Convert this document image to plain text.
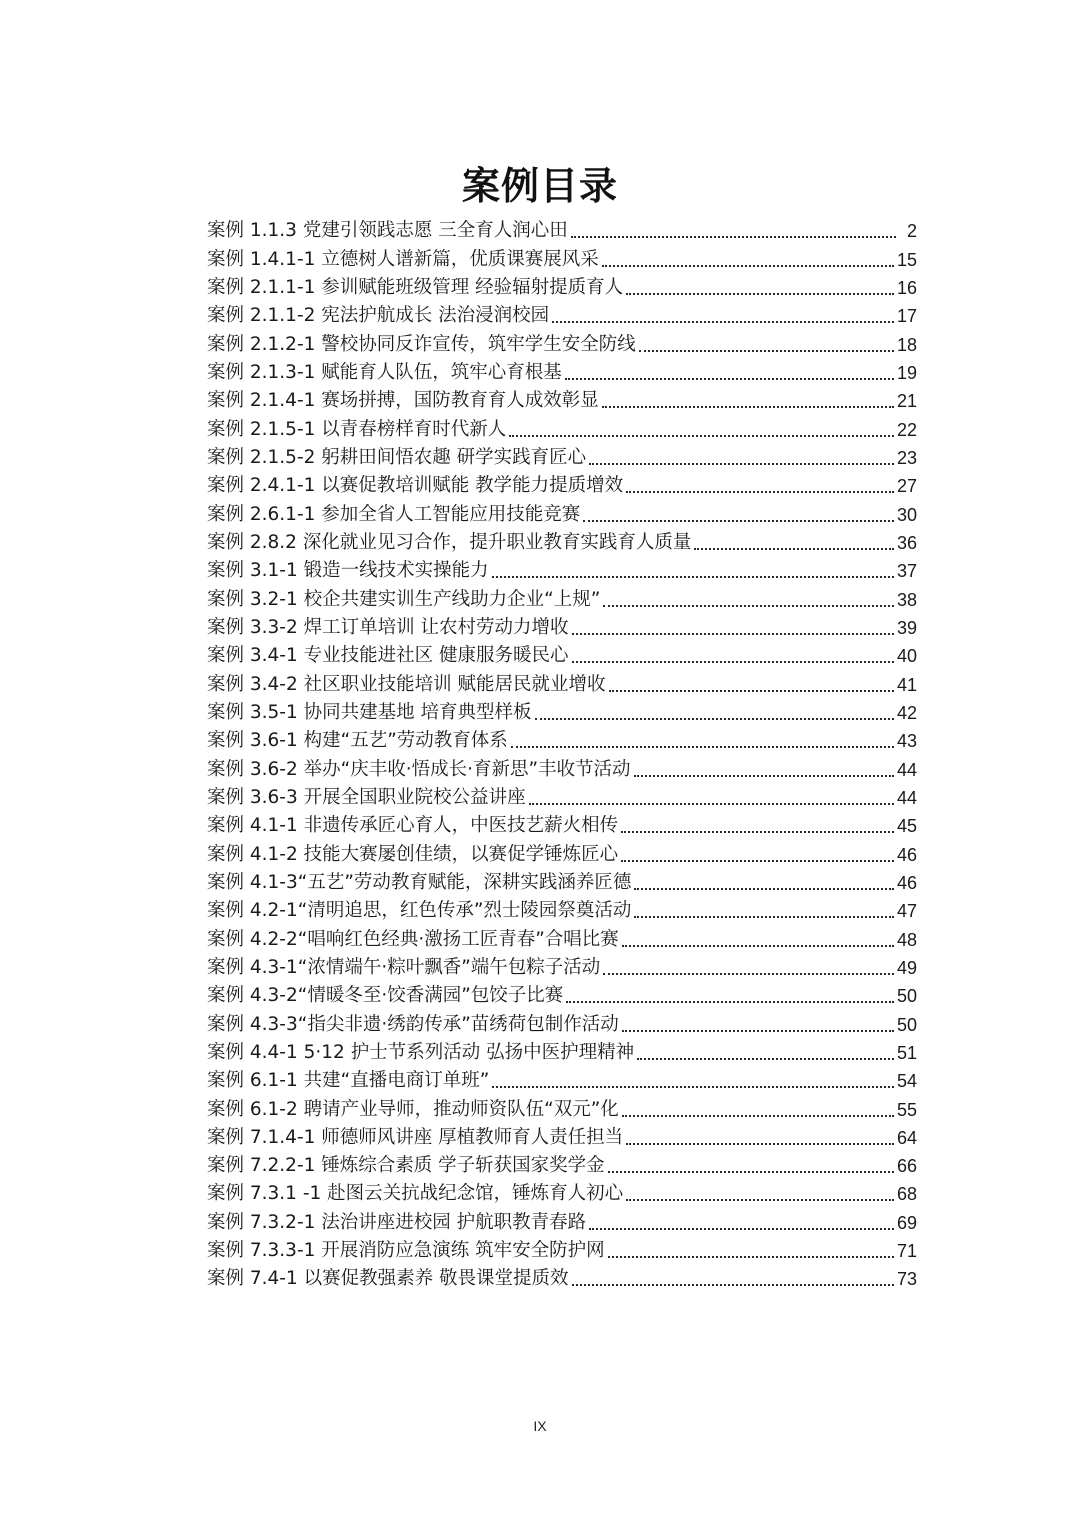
案例目录
案例 1.1.3 党建引领践志愿 三全育人润心田	2
案例 1.4.1-1 立德树人谱新篇，优质课赛展风采	15
案例 2.1.1-1 参训赋能班级管理 经验辐射提质育人	16
案例 2.1.1-2 宪法护航成长 法治浸润校园	17
案例 2.1.2-1 警校协同反诈宣传，筑牢学生安全防线	18
案例 2.1.3-1 赋能育人队伍，筑牢心育根基	19
案例 2.1.4-1 赛场拼搏，国防教育育人成效彰显	21
案例 2.1.5-1 以青春榜样育时代新人	22
案例 2.1.5-2 躬耕田间悟农趣 研学实践育匠心	23
案例 2.4.1-1 以赛促教培训赋能 教学能力提质增效	27
案例 2.6.1-1 参加全省人工智能应用技能竞赛	30
案例 2.8.2 深化就业见习合作，提升职业教育实践育人质量	36
案例 3.1-1 锻造一线技术实操能力	37
案例 3.2-1 校企共建实训生产线助力企业“上规”	38
案例 3.3-2 焊工订单培训 让农村劳动力增收	39
案例 3.4-1 专业技能进社区 健康服务暖民心	40
案例 3.4-2 社区职业技能培训 赋能居民就业增收	41
案例 3.5-1 协同共建基地 培育典型样板	42
案例 3.6-1 构建“五艺”劳动教育体系	43
案例 3.6-2 举办“庆丰收·悟成长·育新思”丰收节活动	44
案例 3.6-3 开展全国职业院校公益讲座	44
案例 4.1-1 非遗传承匠心育人，中医技艺薪火相传	45
案例 4.1-2 技能大赛屡创佳绩，以赛促学锤炼匠心	46
案例 4.1-3“五艺”劳动教育赋能，深耕实践涵养匠德	46
案例 4.2-1“清明追思，红色传承”烈士陵园祭奠活动	47
案例 4.2-2“唱响红色经典·激扬工匠青春”合唱比赛	48
案例 4.3-1“浓情端午·粽叶飘香”端午包粽子活动	49
案例 4.3-2“情暖冬至·饺香满园”包饺子比赛	50
案例 4.3-3“指尖非遗·绣韵传承”苗绣荷包制作活动	50
案例 4.4-1 5·12 护士节系列活动 弘扬中医护理精神	51
案例 6.1-1 共建“直播电商订单班”	54
案例 6.1-2 聘请产业导师，推动师资队伍“双元”化	55
案例 7.1.4-1 师德师风讲座 厚植教师育人责任担当	64
案例 7.2.2-1 锤炼综合素质 学子斩获国家奖学金	66
案例 7.3.1 -1 赴图云关抗战纪念馆，锤炼育人初心	68
案例 7.3.2-1 法治讲座进校园 护航职教青春路	69
案例 7.3.3-1 开展消防应急演练 筑牢安全防护网	71
案例 7.4-1 以赛促教强素养 敬畏课堂提质效	73
IX
